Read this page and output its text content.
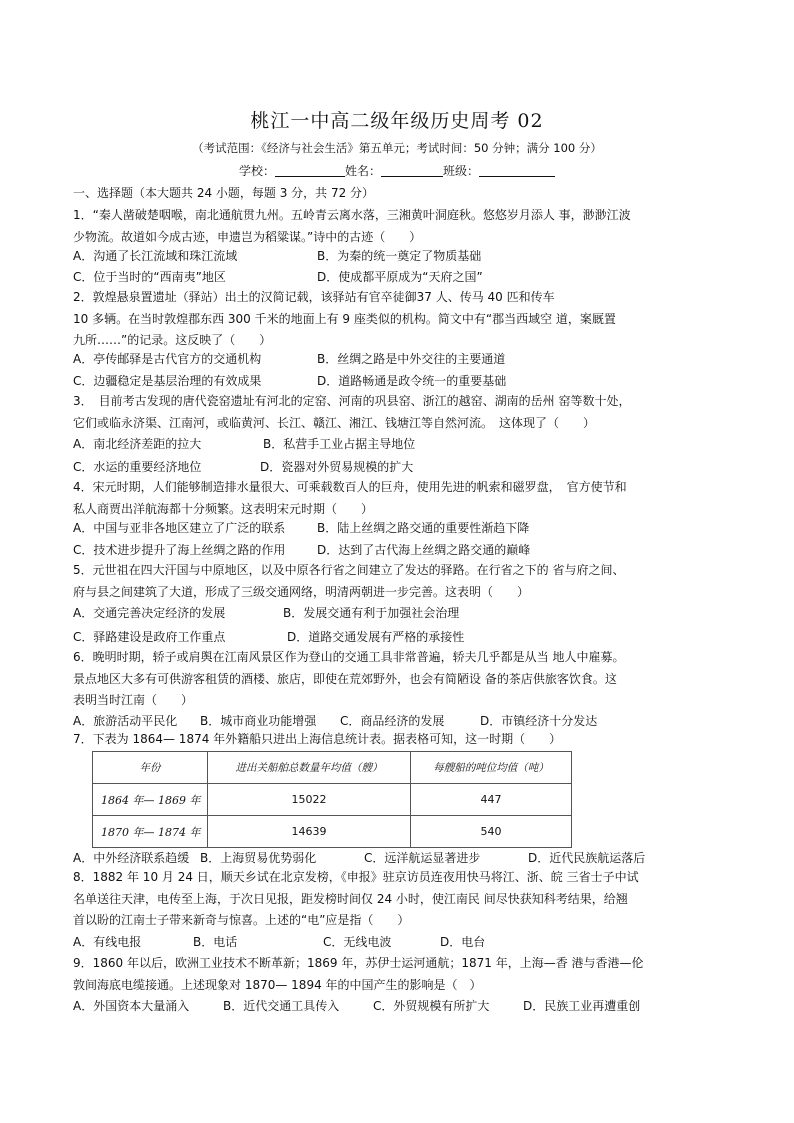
桃江一中高二级年级历史周考 02
（考试范围：《经济与社会生活》第五单元；考试时间：50 分钟；满分 100 分）
学校：	姓名：	班级：
一、选择题（本大题共 24 小题，每题 3 分，共 72 分）
1．“秦人凿破楚咽喉，南北通航贯九州。五岭青云离水落，三湘黄叶洞庭秋。悠悠岁月添人 事，渺渺江波
少物流。故道如今成古迹，申遗岂为稻粱谋。”诗中的古迹（　　）
A．沟通了长江流域和珠江流域	B．为秦的统一奠定了物质基础
C．位于当时的“西南夷”地区	D．使成都平原成为“天府之国”
2．敦煌悬泉置遗址（驿站）出土的汉简记载，该驿站有官卒徒御37 人、传马 40 匹和传车
10 多辆。在当时敦煌郡东西 300 千米的地面上有 9 座类似的机构。简文中有“郡当西域空 道，案厩置
九所……”的记录。这反映了（　　）
A．亭传邮驿是古代官方的交通机构	B．丝绸之路是中外交往的主要通道
C．边疆稳定是基层治理的有效成果	D．道路畅通是政令统一的重要基础
3．　目前考古发现的唐代瓷窑遗址有河北的定窑、河南的巩县窑、浙江的越窑、湖南的岳州 窑等数十处，
它们或临永济渠、江南河，或临黄河、长江、赣江、湘江、钱塘江等自然河流。　这体现了（　　）
A．南北经济差距的拉大	B．私营手工业占据主导地位
C．水运的重要经济地位	D．瓷器对外贸易规模的扩大
4．宋元时期，人们能够制造排水量很大、可乘载数百人的巨舟，使用先进的帆索和磁罗盘，　官方使节和
私人商贾出洋航海都十分频繁。这表明宋元时期（　　）
A．中国与亚非各地区建立了广泛的联系	B．陆上丝绸之路交通的重要性渐趋下降
C．技术进步提升了海上丝绸之路的作用	D．达到了古代海上丝绸之路交通的巅峰
5．元世祖在四大汗国与中原地区，以及中原各行省之间建立了发达的驿路。在行省之下的 省与府之间、
府与县之间建筑了大道，形成了三级交通网络，明清两朝进一步完善。这表明（　　）
A．交通完善决定经济的发展	B．发展交通有利于加强社会治理
C．驿路建设是政府工作重点	D．道路交通发展有严格的承接性
6．晚明时期，轿子或肩舆在江南风景区作为登山的交通工具非常普遍，轿夫几乎都是从当 地人中雇募。
景点地区大多有可供游客租赁的酒楼、旅店，即使在荒郊野外，也会有简陋设 备的茶店供旅客饮食。这
表明当时江南（　　）
A．旅游活动平民化 B．城市商业功能增强 C．商品经济的发展	D．市镇经济十分发达
7．下表为 1864— 1874 年外籍船只进出上海信息统计表。据表格可知，这一时期（　　）
年份	进出关船舶总数量年均值（艘）	每艘船的吨位均值（吨）
1864 年— 1869 年	15022	447
1870 年— 1874 年	14639	540
A．中外经济联系趋缓 B．上海贸易优势弱化	C．远洋航运显著进步	D．近代民族航运落后
8．1882 年 10 月 24 日，顺天乡试在北京发榜，《申报》驻京访员连夜用快马将江、浙、皖 三省士子中试
名单送往天津，电传至上海，于次日见报，距发榜时间仅 24 小时，使江南民 间尽快获知科考结果，给翘
首以盼的江南士子带来新奇与惊喜。上述的“电”应是指（　　）
A．有线电报	B．电话	C．无线电波	D．电台
9．1860 年以后，欧洲工业技术不断革新；1869 年，苏伊士运河通航；1871 年，上海—香 港与香港—伦
敦间海底电缆接通。上述现象对 1870— 1894 年的中国产生的影响是（　）
A．外国资本大量涌入	B．近代交通工具传入	C．外贸规模有所扩大	D．民族工业再遭重创
